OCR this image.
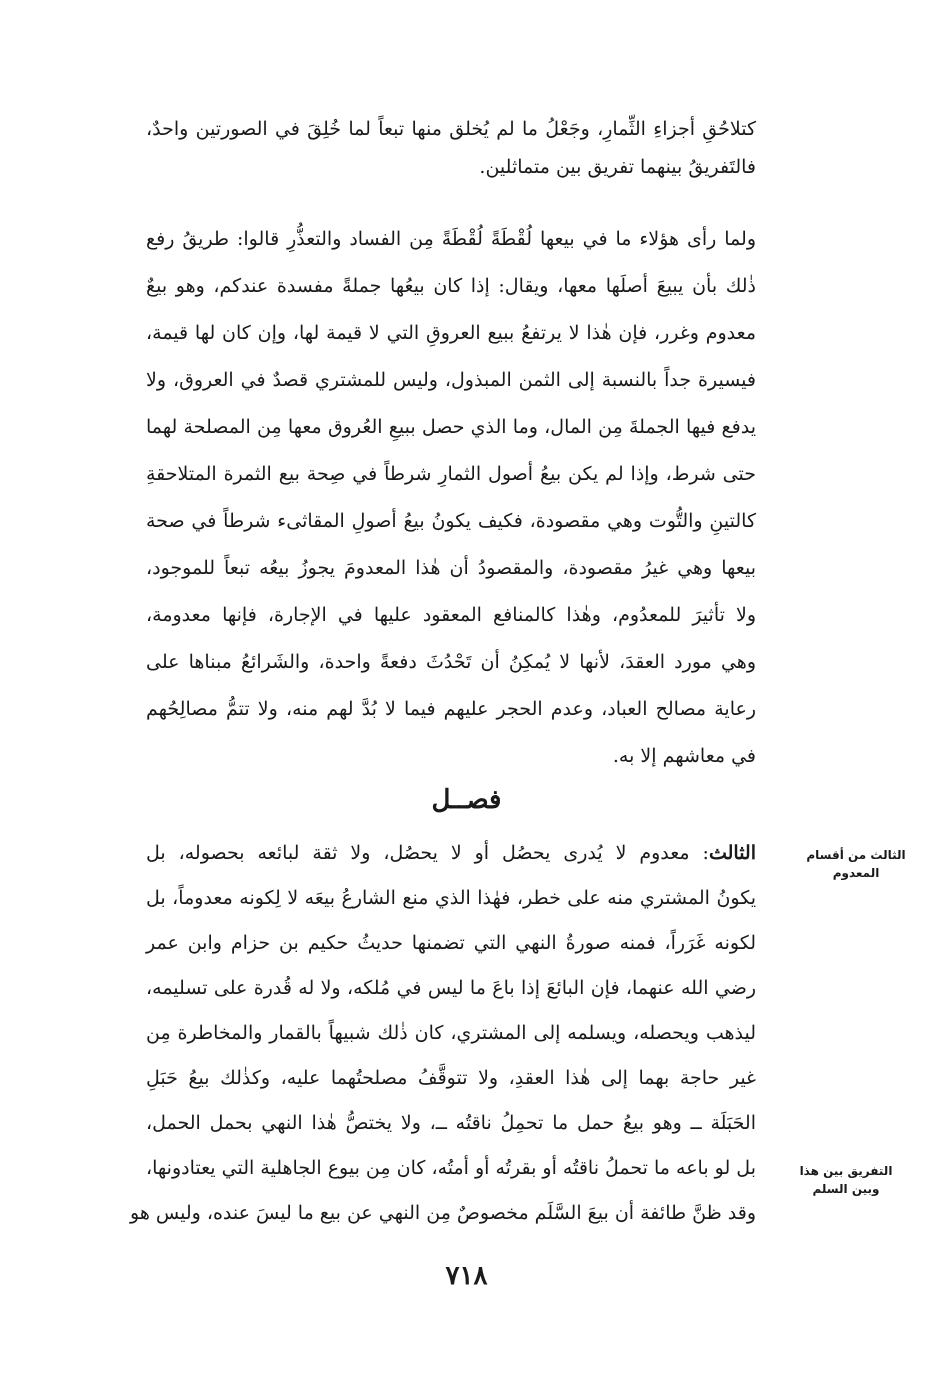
كتلاحُقِ أجزاءِ الثِّمارِ، وجَعْلُ ما لم يُخلق منها تبعاً لما خُلِقَ في الصورتين واحدٌ،
فالتَفريقُ بينهما تفريق بين متماثلين.
ولما رأى هؤلاء ما في بيعها لُقْطَةً لُقْطَةً مِن الفساد والتعذُّرِ قالوا: طريقُ رفع
ذٰلك بأن يبيعَ أصلَها معها، ويقال: إذا كان بيعُها جملةً مفسدة عندكم، وهو بيعٌ
معدوم وغرر، فإن هٰذا لا يرتفعُ ببيع العروقِ التي لا قيمة لها، وإن كان لها قيمة،
فيسيرة جداً بالنسبة إلى الثمن المبذول، وليس للمشتري قصدٌ في العروق، ولا
يدفع فيها الجملةَ مِن المال، وما الذي حصل ببيعِ العُروق معها مِن المصلحة لهما
حتى شرط، وإذا لم يكن بيعُ أصول الثمارِ شرطاً في صِحة بيع الثمرة المتلاحقةِ
كالتينِ والتُّوت وهي مقصودة، فكيف يكونُ بيعُ أصولِ المقاثىء شرطاً في صحة
بيعها وهي غيرُ مقصودة، والمقصودُ أن هٰذا المعدومَ يجوزُ بيعُه تبعاً للموجود،
ولا تأثيرَ للمعدُوم، وهٰذا كالمنافع المعقود عليها في الإجارة، فإنها معدومة،
وهي مورد العقدَ، لأنها لا يُمكِنُ أن تَحْدُثَ دفعةً واحدة، والشَرائعُ مبناها على
رعاية مصالح العباد، وعدم الحجر عليهم فيما لا بُدَّ لهم منه، ولا تتمُّ مصالِحُهم
في معاشهم إلا به.
فصــل
الثالث: معدوم لا يُدرى يحصُل أو لا يحصُل، ولا ثقة لبائعه بحصوله، بل
يكونُ المشتري منه على خطر، فهٰذا الذي منع الشارعُ بيعَه لا لِكونه معدوماً، بل
لكونه غَرَراً، فمنه صورةُ النهي التي تضمنها حديثُ حكيم بن حزام وابن عمر
رضي الله عنهما، فإن البائعَ إذا باعَ ما ليس في مُلكه، ولا له قُدرة على تسليمه،
ليذهب ويحصله، ويسلمه إلى المشتري، كان ذٰلك شبيهاً بالقمار والمخاطرة مِن
غير حاجة بهما إلى هٰذا العقدِ، ولا تتوقَّفُ مصلحتُهما عليه، وكذٰلك بيعُ حَبَلِ
الحَبَلَة ــ وهو بيعُ حمل ما تحمِلُ ناقتُه ــ، ولا يختصُّ هٰذا النهي بحمل الحمل،
بل لو باعه ما تحملُ ناقتُه أو بقرتُه أو أمتُه، كان مِن بيوع الجاهلية التي يعتادونها،
وقد ظنَّ طائفة أن بيعَ السَّلَم مخصوصٌ مِن النهي عن بيع ما ليسَ عنده، وليس هو
الثالث من أقسام المعدوم
التفريق بين هذا وبين السلم
٧١٨
